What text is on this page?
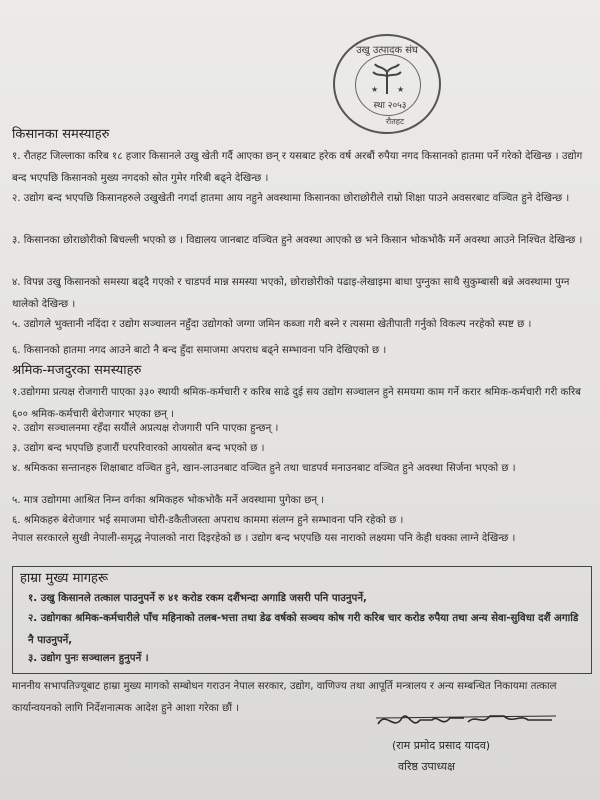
उखु उत्पादक संघ
★ ★
स्था २०५३
रौतहट
किसानका समस्याहरु
१. रौतहट जिल्लाका करिब १८ हजार किसानले उखु खेती गर्दै आएका छन् र यसबाट हरेक वर्ष अरबौं रुपैया नगद किसानको हातमा पर्ने गरेको देखिन्छ । उद्योग बन्द भएपछि किसानको मुख्य नगदको स्रोत गुमेर गरिबी बढ्ने देखिन्छ ।
२. उद्योग बन्द भएपछि किसानहरुले उखुखेती नगर्दा हातमा आय नहुने अवस्थामा किसानका छोराछोरीले राम्रो शिक्षा पाउने अवसरबाट वञ्चित हुने देखिन्छ ।
३. किसानका छोराछोरीको बिचल्ली भएको छ । विद्यालय जानबाट वञ्चित हुने अवस्था आएको छ भने किसान भोकभोकै मर्ने अवस्था आउने निश्चित देखिन्छ ।
४. विपन्न उखु किसानको समस्या बढ्दै गएको र चाडपर्व मान्न समस्या भएको, छोराछोरीको पढाइ-लेखाइमा बाधा पुग्नुका साथै सुकुम्बासी बन्ने अवस्थामा पुग्न थालेको देखिन्छ ।
५. उद्योगले भुक्तानी नदिंदा र उद्योग सञ्चालन नहुँदा उद्योगको जग्गा जमिन कब्जा गरी बस्ने र त्यसमा खेतीपाती गर्नुको विकल्प नरहेको स्पष्ट छ ।
६. किसानको हातमा नगद आउने बाटो नै बन्द हुँदा समाजमा अपराध बढ्ने सम्भावना पनि देखिएको छ ।
श्रमिक-मजदुरका समस्याहरु
१.उद्योगमा प्रत्यक्ष रोजगारी पाएका ३३० स्थायी श्रमिक-कर्मचारी र करिब साढे दुई सय उद्योग सञ्चालन हुने समयमा काम गर्ने करार श्रमिक-कर्मचारी गरी करिब ६०० श्रमिक-कर्मचारी बेरोजगार भएका छन् ।
२. उद्योग सञ्चालनमा रहँदा सयौंले अप्रत्यक्ष रोजगारी पनि पाएका हुन्छन् ।
३. उद्योग बन्द भएपछि हजारौं घरपरिवारको आयस्रोत बन्द भएको छ ।
४. श्रमिकका सन्तानहरु शिक्षाबाट वञ्चित हुने, खान-लाउनबाट वञ्चित हुने तथा चाडपर्व मनाउनबाट वञ्चित हुने अवस्था सिर्जना भएको छ ।
५. मात्र उद्योगमा आश्रित निम्न वर्गका श्रमिकहरु भोकभोकै मर्ने अवस्थामा पुगेका छन् ।
६. श्रमिकहरु बेरोजगार भई समाजमा चोरी-डकैतीजस्ता अपराध काममा संलग्न हुने सम्भावना पनि रहेको छ ।
नेपाल सरकारले सुखी नेपाली-समृद्ध नेपालको नारा दिइरहेको छ । उद्योग बन्द भएपछि यस नाराको लक्ष्यमा पनि केही धक्का लाग्ने देखिन्छ ।
हाम्रा मुख्य मागहरू
१. उखु किसानले तत्काल पाउनुपर्ने रु ४१ करोड रकम दशैंभन्दा अगाडि जसरी पनि पाउनुपर्ने,
२. उद्योगका श्रमिक-कर्मचारीले पाँच महिनाको तलब-भत्ता तथा डेढ वर्षको सञ्चय कोष गरी करिब चार करोड रुपैया तथा अन्य सेवा-सुविधा दशैं अगाडि नै पाउनुपर्ने,
३. उद्योग पुनः सञ्चालन हुनुपर्ने ।
माननीय सभापतिज्यूबाट हाम्रा मुख्य मागको सम्बोधन गराउन नेपाल सरकार, उद्योग, वाणिज्य तथा आपूर्ति मन्त्रालय र अन्य सम्बन्धित निकायमा तत्काल कार्यान्वयनको लागि निर्देशनात्मक आदेश हुने आशा गरेका छौं ।
(राम प्रमोद प्रसाद यादव)
वरिष्ठ उपाध्यक्ष
